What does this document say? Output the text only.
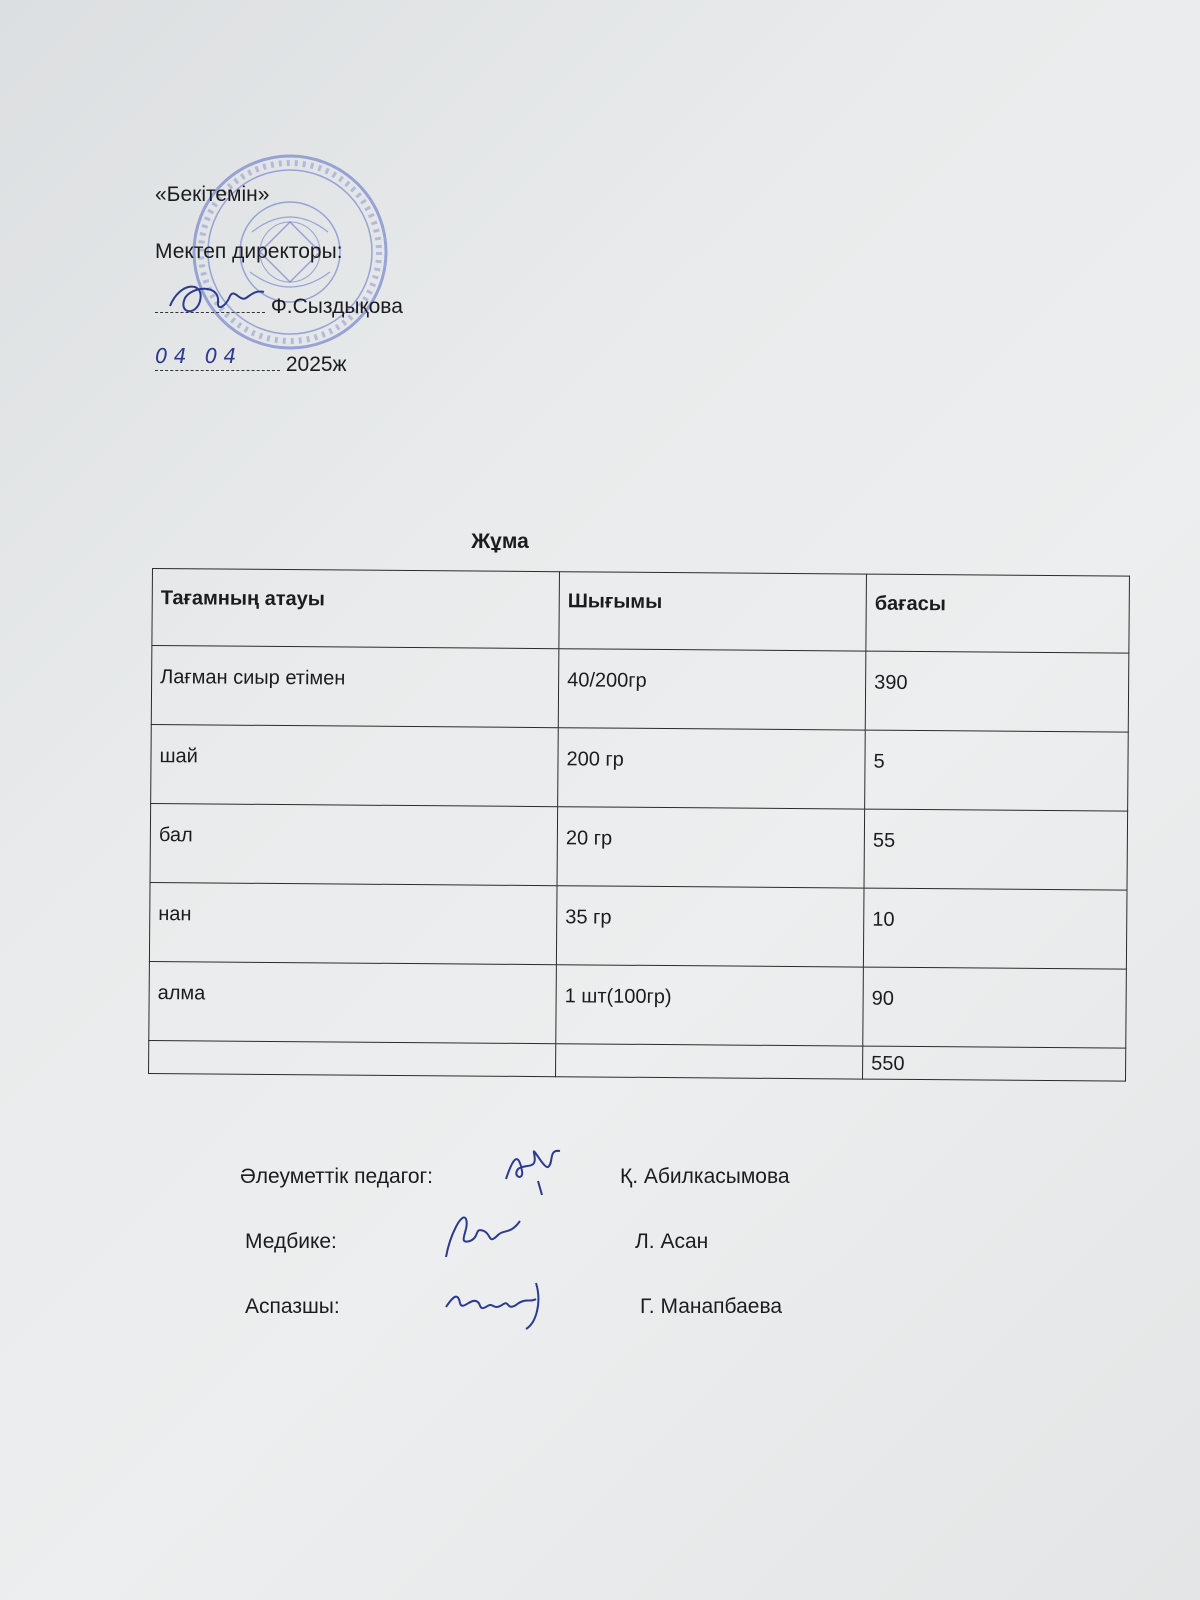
«Бекітемін»
Мектеп директоры:
Ф.Сыздықова
04 04 2025ж
Жұма
Тағамның атауы	Шығымы	бағасы
Лағман сиыр етімен	40/200гр	390
шай	200 гр	5
бал	20 гр	55
нан	35 гр	10
алма	1 шт(100гр)	90
		550
Әлеуметтік педагог:	Қ. Абилкасымова
Медбике:	Л. Асан
Аспазшы:	Г. Манапбаева
